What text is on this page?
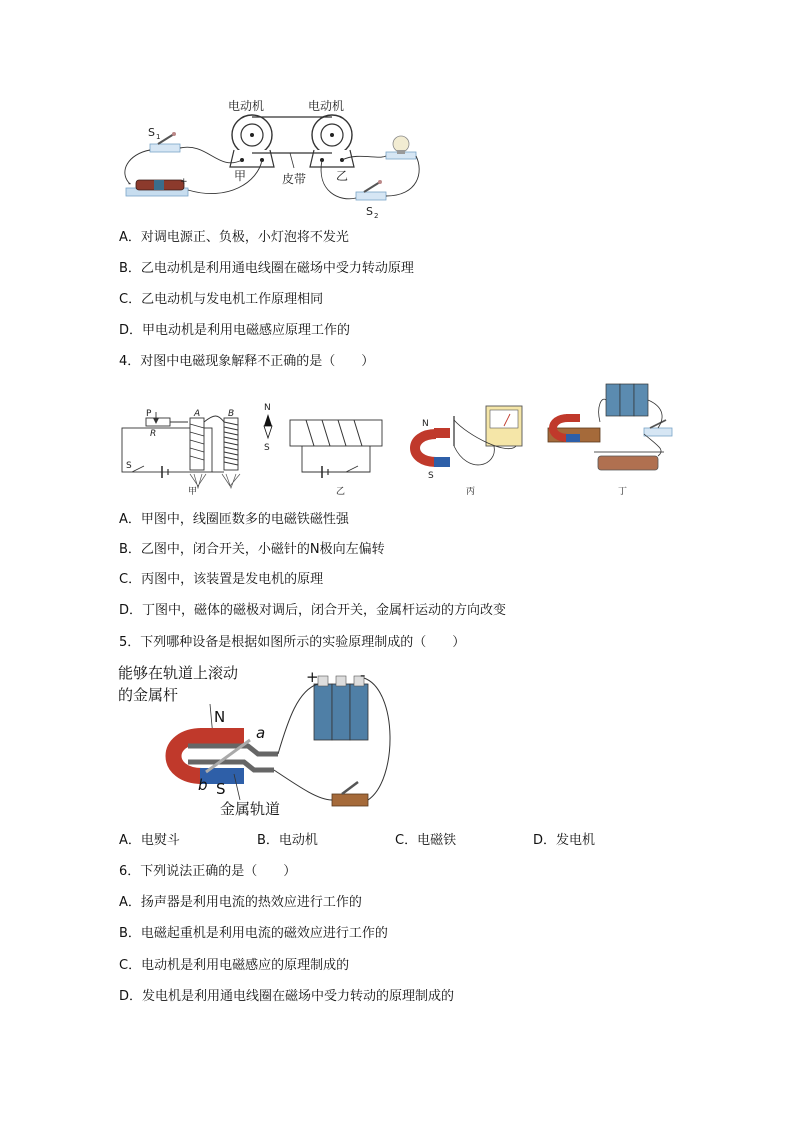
电动机	电动机
甲	乙
皮带
S 1
-	+
S 2
A．对调电源正、负极，小灯泡将不发光
B．乙电动机是利用通电线圈在磁场中受力转动原理
C．乙电动机与发电机工作原理相同
D．甲电动机是利用电磁感应原理工作的
4．对图中电磁现象解释不正确的是（　　）
P
R
A	B
S
甲
N
S
乙
N
S
丙	丁
A．甲图中，线圈匝数多的电磁铁磁性强
B．乙图中，闭合开关，小磁针的N极向左偏转
C．丙图中，该装置是发电机的原理
D．丁图中，磁体的磁极对调后，闭合开关，金属杆运动的方向改变
5．下列哪种设备是根据如图所示的实验原理制成的（　　）
能够在轨道上滚动
的金属杆
N
S
a
b
金属轨道
+	-
A．电熨斗	B．电动机	C．电磁铁	D．发电机
6．下列说法正确的是（　　）
A．扬声器是利用电流的热效应进行工作的
B．电磁起重机是利用电流的磁效应进行工作的
C．电动机是利用电磁感应的原理制成的
D．发电机是利用通电线圈在磁场中受力转动的原理制成的
